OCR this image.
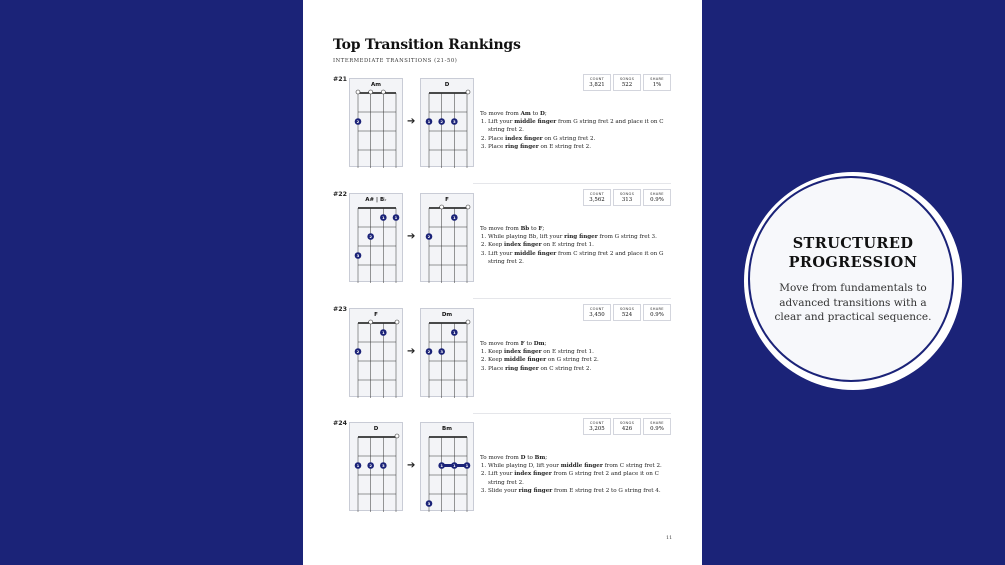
Top Transition Rankings
INTERMEDIATE TRANSITIONS (21-50)
#21
Am
2	➔
D
1	2	3
COUNT
3,821
SONGS
522
SHARE
1%
To move from Am to D;
1. Lift your middle finger from G string fret 2 and place it on C string fret 2.
2. Place index finger on G string fret 2.
3. Place ring finger on E string fret 2.
#22
A# | B♭
1	1
2
3
➔
F
1
2
COUNT
3,562
SONGS
313
SHARE
0.9%
To move from Bb to F;
1. While playing Bb, lift your ring finger from G string fret 3.
2. Keep index finger on E string fret 1.
3. Lift your middle finger from C string fret 2 and place it on G string fret 2.
#23
F
1
2	➔
Dm
1
2	3
COUNT
3,450
SONGS
524
SHARE
0.9%
To move from F to Dm;
1. Keep index finger on E string fret 1.
2. Keep middle finger on G string fret 2.
3. Place ring finger on C string fret 2.
#24
D
1	2	3 ➔
Bm
1	1	1
3
COUNT
3,205
SONGS
426
SHARE
0.9%
To move from D to Bm;
1. While playing D, lift your middle finger from C string fret 2.
2. Lift your index finger from G string fret 2 and place it on C string fret 2.
3. Slide your ring finger from E string fret 2 to G string fret 4.
11
STRUCTURED
PROGRESSION
Move from fundamentals to advanced transitions with a clear and practical sequence.
